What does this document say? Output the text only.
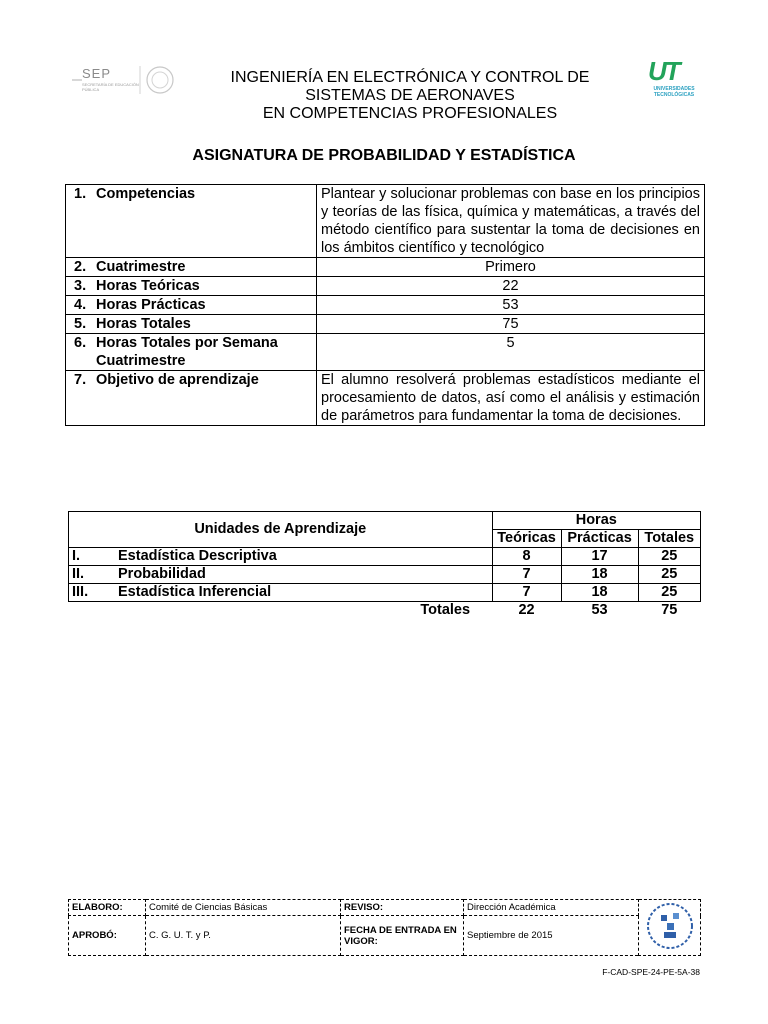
SEP
SECRETARÍA DE EDUCACIÓN PÚBLICA
UT
UNIVERSIDADES TECNOLÓGICAS
INGENIERÍA EN ELECTRÓNICA Y CONTROL DE
SISTEMAS DE AERONAVES
EN COMPETENCIAS PROFESIONALES
ASIGNATURA DE PROBABILIDAD Y ESTADÍSTICA
1. Competencias	Plantear y solucionar problemas con base en los principios y teorías de las física, química y matemáticas, a través del método científico para sustentar la toma de decisiones en los ámbitos científico y tecnológico
2. Cuatrimestre	Primero
3. Horas Teóricas	22
4. Horas Prácticas	53
5. Horas Totales	75
6. Horas Totales por Semana
Cuatrimestre	5
7. Objetivo de aprendizaje	El alumno resolverá problemas estadísticos mediante el procesamiento de datos, así como el análisis y estimación de parámetros para fundamentar la toma de decisiones.
Unidades de Aprendizaje		Horas		
		Teóricas	Prácticas	Totales
I.	Estadística Descriptiva	8	17	25
II.	Probabilidad	7	18	25
III.	Estadística Inferencial	7	18	25
Totales		22	53	75
ELABORO:	Comité de Ciencias Básicas	REVISO:	Dirección Académica	
APROBÓ:	C. G. U. T. y P.	FECHA DE ENTRADA EN VIGOR:	Septiembre de 2015	
F-CAD-SPE-24-PE-5A-38
